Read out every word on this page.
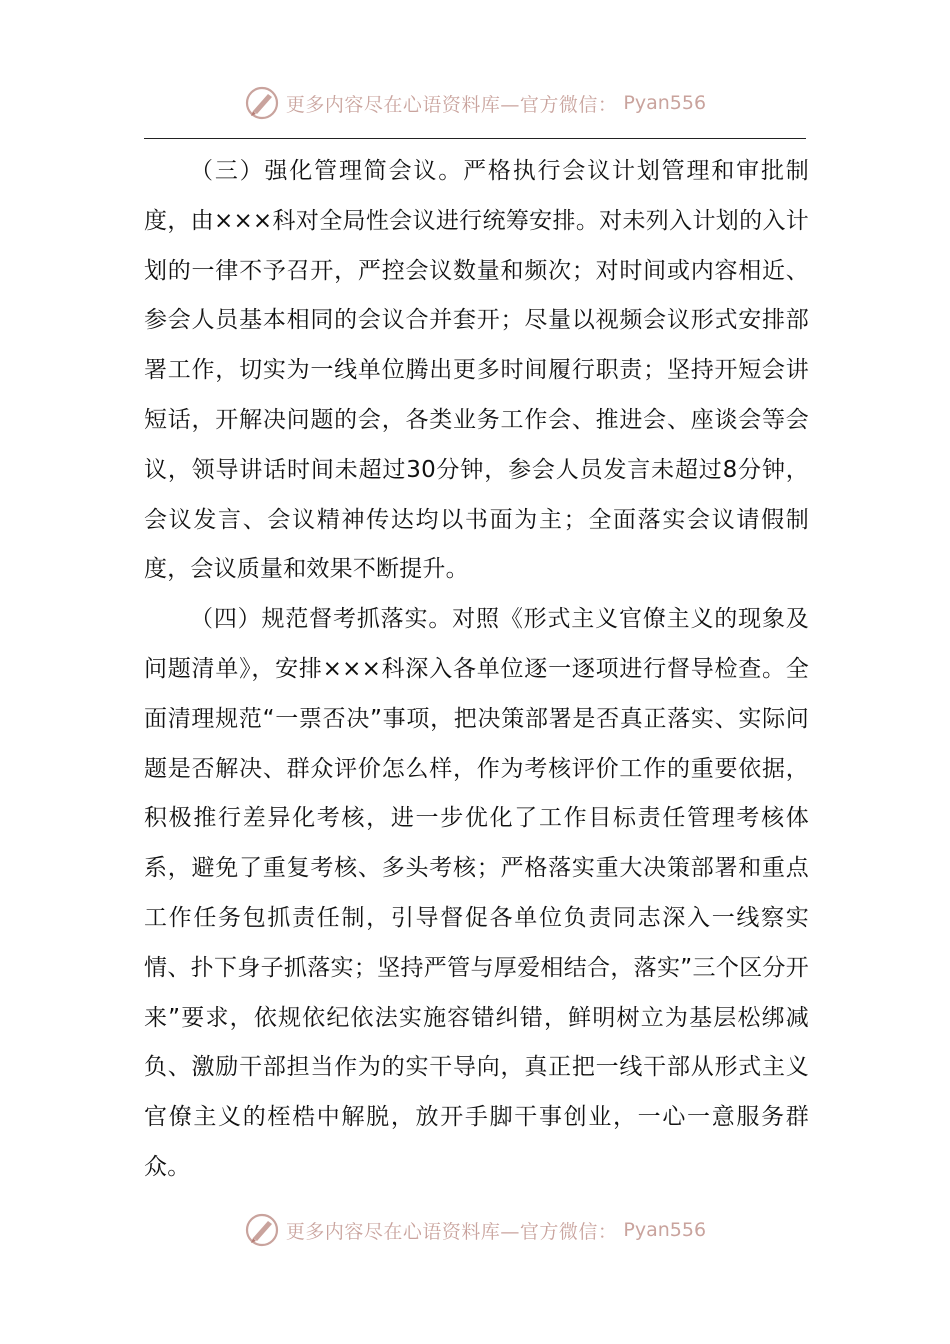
更多内容尽在心语资料库—官方微信： Pyan556

（三）强化管理简会议。严格执行会议计划管理和审批制度，由×××科对全局性会议进行统筹安排。对未列入计划的入计划的一律不予召开，严控会议数量和频次；对时间或内容相近、参会人员基本相同的会议合并套开；尽量以视频会议形式安排部署工作，切实为一线单位腾出更多时间履行职责；坚持开短会讲短话，开解决问题的会，各类业务工作会、推进会、座谈会等会议，领导讲话时间未超过30分钟，参会人员发言未超过8分钟，会议发言、会议精神传达均以书面为主；全面落实会议请假制度，会议质量和效果不断提升。

（四）规范督考抓落实。对照《形式主义官僚主义的现象及问题清单》，安排×××科深入各单位逐一逐项进行督导检查。全面清理规范“一票否决”事项，把决策部署是否真正落实、实际问题是否解决、群众评价怎么样，作为考核评价工作的重要依据，积极推行差异化考核，进一步优化了工作目标责任管理考核体系，避免了重复考核、多头考核；严格落实重大决策部署和重点工作任务包抓责任制，引导督促各单位负责同志深入一线察实情、扑下身子抓落实；坚持严管与厚爱相结合，落实”三个区分开来”要求，依规依纪依法实施容错纠错，鲜明树立为基层松绑减负、激励干部担当作为的实干导向，真正把一线干部从形式主义官僚主义的桎梏中解脱，放开手脚干事创业，一心一意服务群众。

更多内容尽在心语资料库—官方微信： Pyan556
